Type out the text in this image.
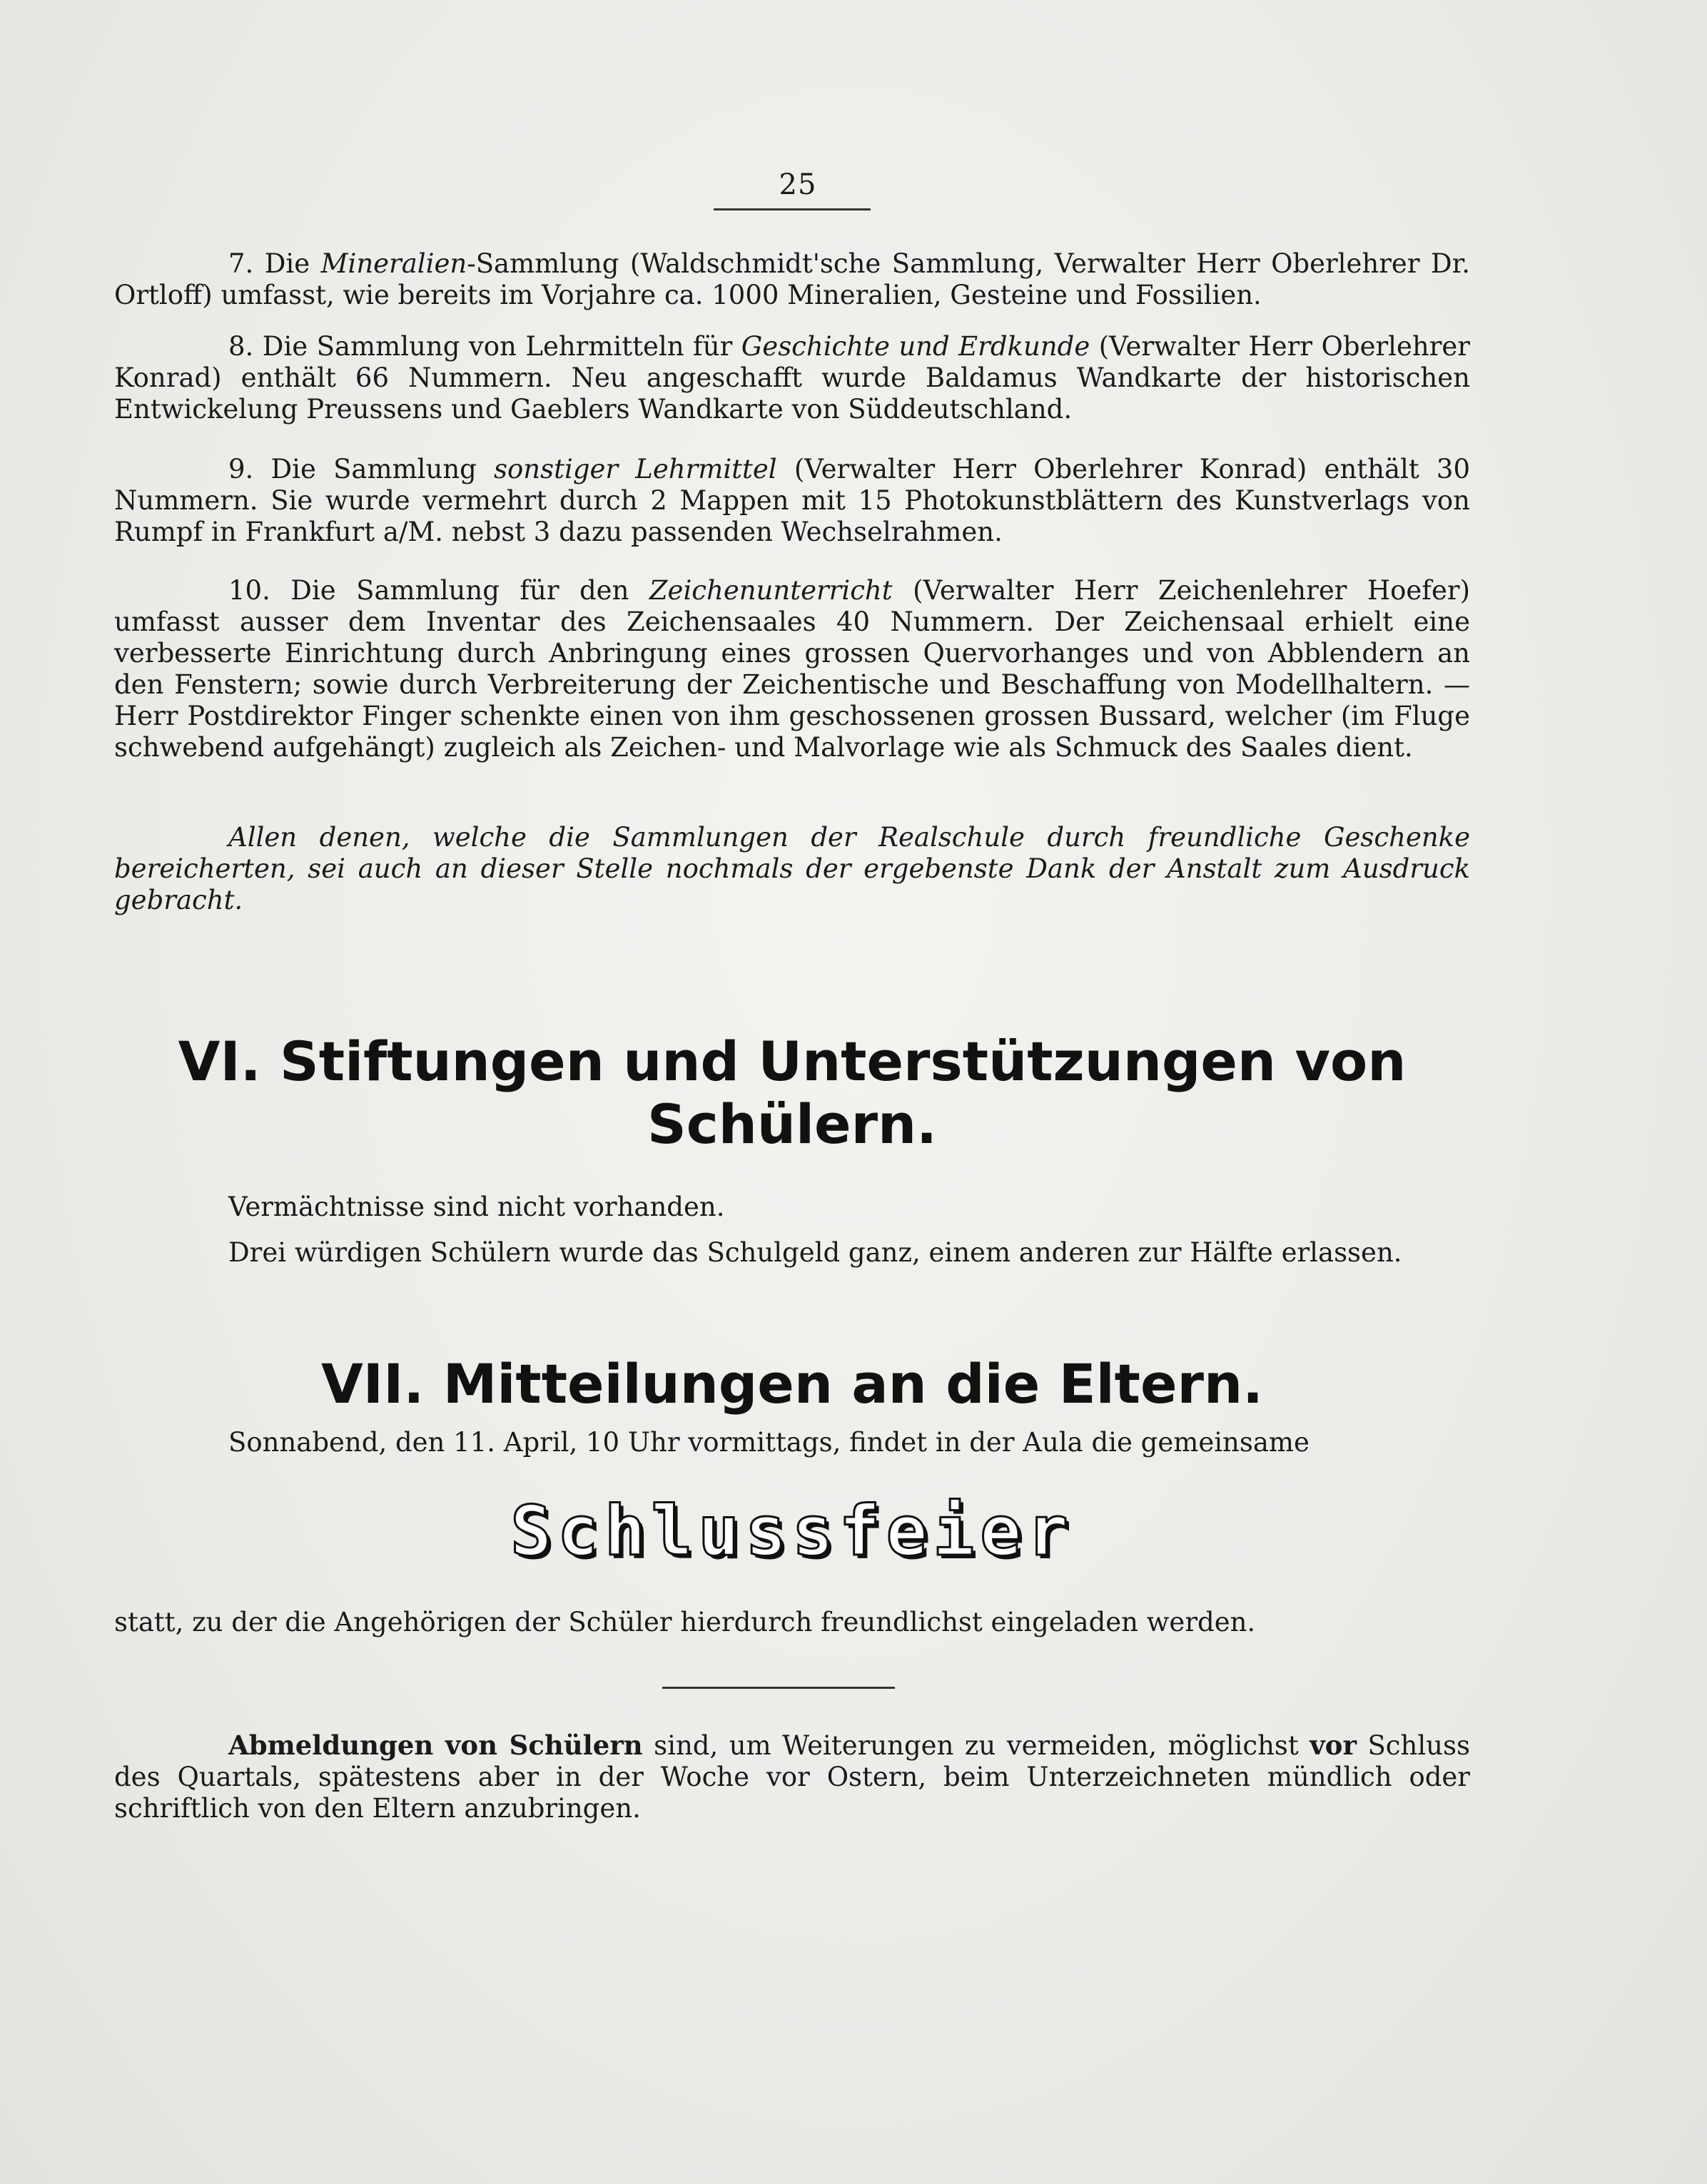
25

7. Die Mineralien-Sammlung (Waldschmidt'sche Sammlung, Verwalter Herr Oberlehrer Dr. Ortloff) umfasst, wie bereits im Vorjahre ca. 1000 Mineralien, Gesteine und Fossilien.

8. Die Sammlung von Lehrmitteln für Geschichte und Erdkunde (Verwalter Herr Oberlehrer Konrad) enthält 66 Nummern. Neu angeschafft wurde Baldamus Wandkarte der historischen Entwickelung Preussens und Gaeblers Wandkarte von Süddeutschland.

9. Die Sammlung sonstiger Lehrmittel (Verwalter Herr Oberlehrer Konrad) enthält 30 Nummern. Sie wurde vermehrt durch 2 Mappen mit 15 Photokunstblättern des Kunstverlags von Rumpf in Frankfurt a/M. nebst 3 dazu passenden Wechselrahmen.

10. Die Sammlung für den Zeichenunterricht (Verwalter Herr Zeichenlehrer Hoefer) umfasst ausser dem Inventar des Zeichensaales 40 Nummern. Der Zeichensaal erhielt eine verbesserte Einrichtung durch Anbringung eines grossen Quervorhanges und von Abblendern an den Fenstern; sowie durch Verbreiterung der Zeichentische und Beschaffung von Modellhaltern. — Herr Postdirektor Finger schenkte einen von ihm geschossenen grossen Bussard, welcher (im Fluge schwebend aufgehängt) zugleich als Zeichen- und Malvorlage wie als Schmuck des Saales dient.

Allen denen, welche die Sammlungen der Realschule durch freundliche Geschenke bereicherten, sei auch an dieser Stelle nochmals der ergebenste Dank der Anstalt zum Ausdruck gebracht.

VI. Stiftungen und Unterstützungen von Schülern.

Vermächtnisse sind nicht vorhanden.

Drei würdigen Schülern wurde das Schulgeld ganz, einem anderen zur Hälfte erlassen.

VII. Mitteilungen an die Eltern.

Sonnabend, den 11. April, 10 Uhr vormittags, findet in der Aula die gemeinsame

Schlussfeier

statt, zu der die Angehörigen der Schüler hierdurch freundlichst eingeladen werden.

Abmeldungen von Schülern sind, um Weiterungen zu vermeiden, möglichst vor Schluss des Quartals, spätestens aber in der Woche vor Ostern, beim Unterzeichneten mündlich oder schriftlich von den Eltern anzubringen.
